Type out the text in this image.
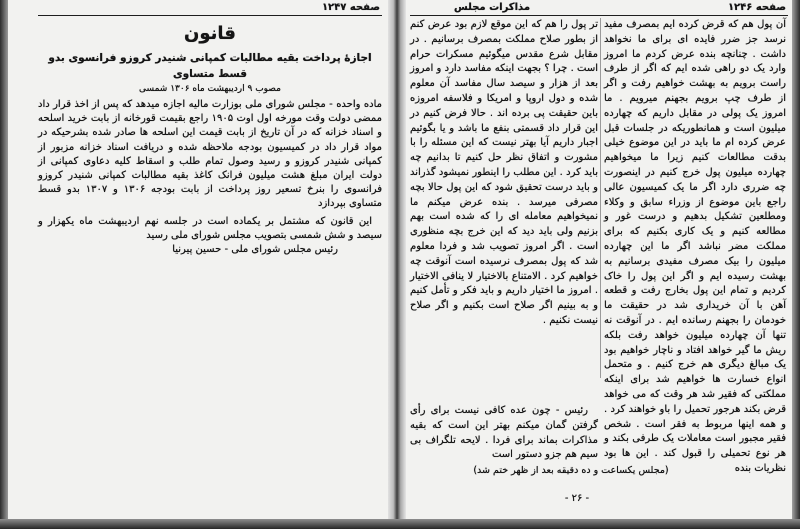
صفحه ۱۲۴۷
قانون
اجازهٔ پرداخت بقیه مطالبات کمپانی شنیدر کروزو فرانسوی بدو قسط متساوی
مصوب ۹ اردیبهشت ماه ۱۳۰۶ شمسی
ماده واحده - مجلس شورای ملی بوزارت مالیه اجازه میدهد که پس از اخذ قرار داد ممضی دولت وقت مورخه اول اوت ۱۹۰۵ راجع بقیمت قورخانه از بابت خرید اسلحه و اسناد خزانه که در آن تاریخ از بابت قیمت این اسلحه ها صادر شده بشرحیکه در مواد قرار داد در کمیسیون بودجه ملاحظه شده و دریافت اسناد خزانه مزبور از کمپانی شنیدر کروزو و رسید وصول تمام طلب و اسقاط کلیه دعاوی کمپانی از دولت ایران مبلغ هشت میلیون فرانک کاغذ بقیه مطالبات کمپانی شنیدر کروزو فرانسوی را بنرخ تسعیر روز پرداخت از بابت بودجه ۱۳۰۶ و ۱۳۰۷ بدو قسط متساوی بپردازد
این قانون که مشتمل بر یکماده است در جلسه نهم اردیبهشت ماه یکهزار و سیصد و شش شمسی بتصویب مجلس شورای ملی رسید
رئیس مجلس شورای ملی - حسین پیرنیا
مذاکرات مجلس	صفحه ۱۲۴۶
آن پول هم که قرض کرده ایم بمصرف مفید نرسد جز ضرر فایده ای برای ما نخواهد داشت . چنانچه بنده عرض کردم ما امروز وارد یک دو راهی شده ایم که اگر از طرف راست برویم به بهشت خواهیم رفت و اگر از طرف چپ برویم بجهنم میرویم . ما امروز یک پولی در مقابل داریم که چهارده میلیون است و همانطوریکه در جلسات قبل عرض کرده ام ما باید در این موضوع خیلی بدقت مطالعات کنیم زیرا ما میخواهیم چهارده میلیون پول خرج کنیم در اینصورت چه ضرری دارد اگر ما یک کمیسیون عالی راجع باین موضوع از وزراء سابق و وکلاء ومطلعین تشکیل بدهیم و درست غور و مطالعه کنیم و یک کاری بکنیم که برای مملکت مضر نباشد اگر ما این چهارده میلیون را بیک مصرف مفیدی برسانیم به بهشت رسیده ایم و اگر این پول را خاک کردیم و تمام این پول بخارج رفت و قطعه آهن با آن خریداری شد در حقیقت ما خودمان را بجهنم رسانده ایم . در آنوقت نه تنها آن چهارده میلیون خواهد رفت بلکه ریش ما گیر خواهد افتاد و ناچار خواهیم بود یک مبالغ دیگری هم خرج کنیم . و متحمل انواع خسارت ها خواهیم شد برای اینکه مملکتی که فقیر شد هر وقت که می خواهد قرض بکند هرجور تحمیل را باو خواهند کرد . و همه اینها مربوط به فقر است . شخص فقیر مجبور است معاملات یک طرفی بکند و هر نوع تحمیلی را قبول کند . این ها بود نظریات بنده
تر پول را هم که این موقع لازم بود عرض کنم از بطور صلاح مملکت بمصرف برسانیم . در مقابل شرع مقدس میگوئیم مسکرات حرام است . چرا ؟ بجهت اینکه مفاسد دارد و امروز بعد از هزار و سیصد سال مفاسد آن معلوم شده و دول اروپا و امریکا و فلاسفه امروزه باین حقیقت پی برده اند . حالا فرض کنیم در این قرار داد قسمتی بنفع ما باشد و یا بگوئیم اجبار داریم آیا بهتر نیست که این مسئله را با مشورت و اتفاق نظر حل کنیم تا بدانیم چه باید کرد . این مطلب را اینطور نمیشود گذراند و باید درست تحقیق شود که این پول حالا بچه مصرفی میرسد . بنده عرض میکنم ما نمیخواهیم معامله ای را که شده است بهم بزنیم ولی باید دید که این خرج بچه منظوری است . اگر امروز تصویب شد و فردا معلوم شد که پول بمصرف نرسیده است آنوقت چه خواهیم کرد . الامتناع بالاختیار لا ینافی الاختیار . امروز ما اختیار داریم و باید فکر و تأمل کنیم و به بینیم اگر صلاح است بکنیم و اگر صلاح نیست نکنیم .
رئیس - چون عده کافی نیست برای رأی گرفتن گمان میکنم بهتر این است که بقیه مذاکرات بماند برای فردا . لایحه تلگراف بی سیم هم جزو دستور است
(مجلس یکساعت و ده دقیقه بعد از ظهر ختم شد)
- ۲۶ -
